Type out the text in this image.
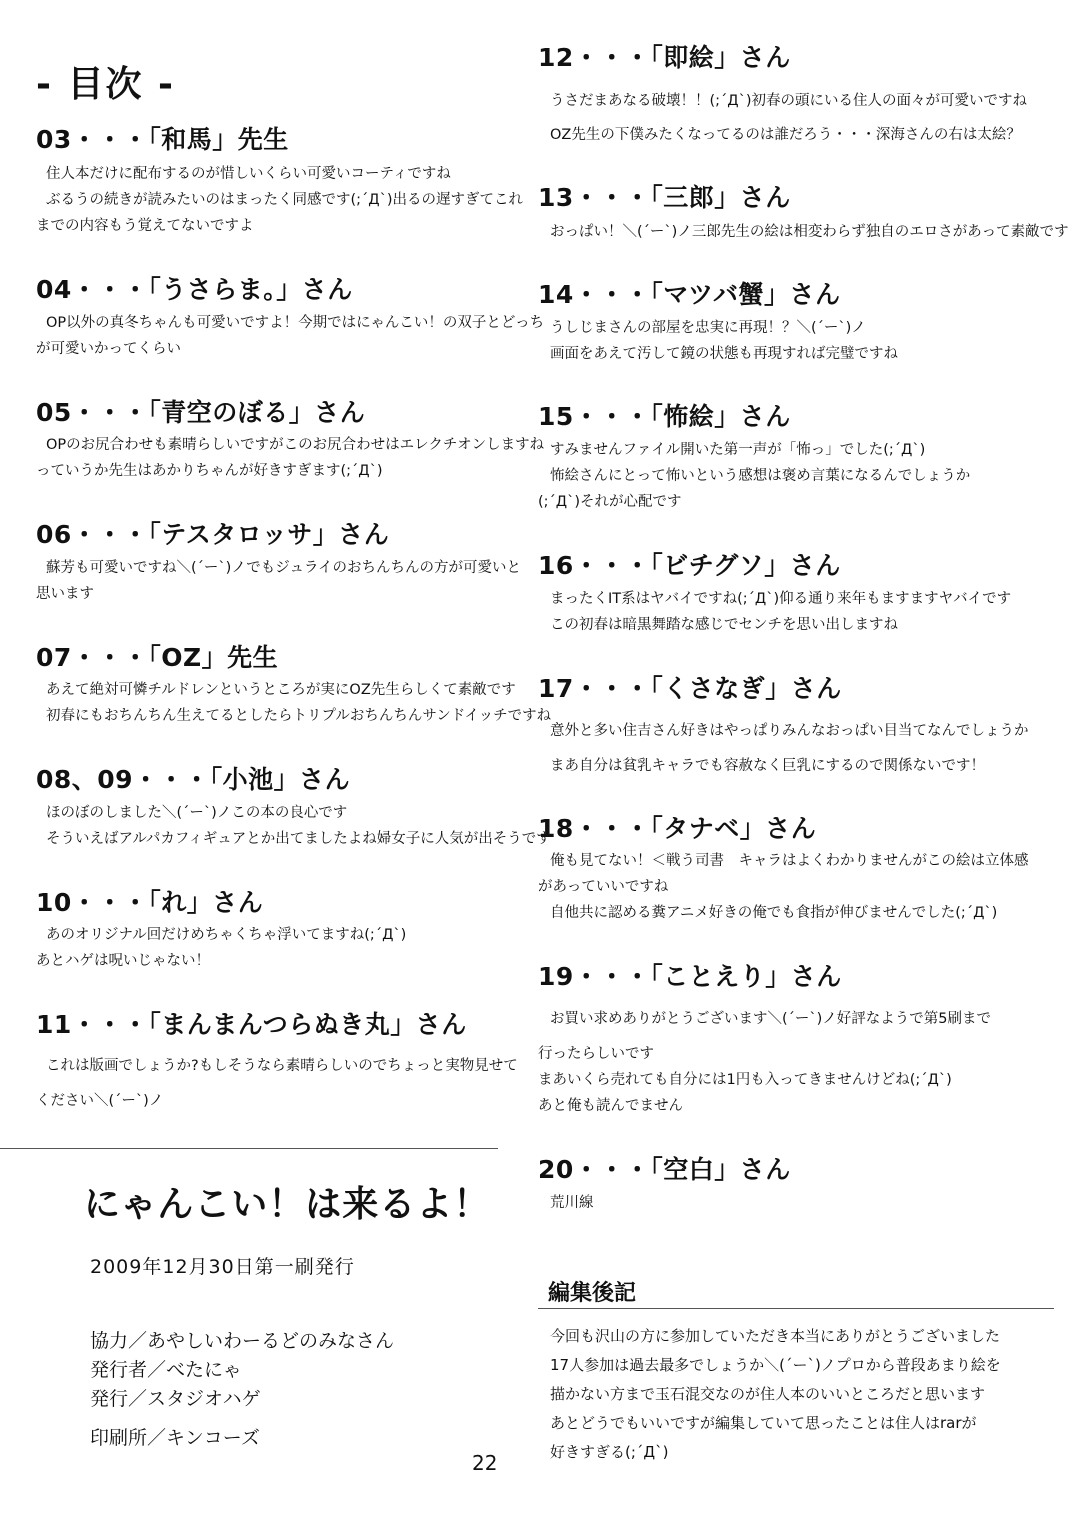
- 目次 -
03・・・「和馬」先生
住人本だけに配布するのが惜しいくらい可愛いコーティですね
ぶるうの続きが読みたいのはまったく同感です(;´Д`)出るの遅すぎてこれ
までの内容もう覚えてないですよ
04・・・「うさらま。」さん
OP以外の真冬ちゃんも可愛いですよ！今期ではにゃんこい！の双子とどっち
が可愛いかってくらい
05・・・「青空のぼる」さん
OPのお尻合わせも素晴らしいですがこのお尻合わせはエレクチオンしますね
っていうか先生はあかりちゃんが好きすぎます(;´Д`)
06・・・「テスタロッサ」さん
蘇芳も可愛いですね＼(´ー`)ノでもジュライのおちんちんの方が可愛いと
思います
07・・・「OZ」先生
あえて絶対可憐チルドレンというところが実にOZ先生らしくて素敵です
初春にもおちんちん生えてるとしたらトリプルおちんちんサンドイッチですね
08、09・・・「小池」さん
ほのぼのしました＼(´ー`)ノこの本の良心です
そういえばアルパカフィギュアとか出てましたよね婦女子に人気が出そうです
10・・・「れ」さん
あのオリジナル回だけめちゃくちゃ浮いてますね(;´Д`)
あとハゲは呪いじゃない！
11・・・「まんまんつらぬき丸」さん
これは版画でしょうか?もしそうなら素晴らしいのでちょっと実物見せて
ください＼(´ー`)ノ
にゃんこい！は来るよ！
2009年12月30日第一刷発行
協力／あやしいわーるどのみなさん
発行者／べたにゃ
発行／スタジオハゲ
印刷所／キンコーズ
22
12・・・「即絵」さん
うさだまあなる破壊！！(;´Д`)初春の頭にいる住人の面々が可愛いですね
OZ先生の下僕みたくなってるのは誰だろう・・・深海さんの右は太絵？
13・・・「三郎」さん
おっぱい！＼(´ー`)ノ三郎先生の絵は相変わらず独自のエロさがあって素敵です
14・・・「マツバ蟹」さん
うしじまさんの部屋を忠実に再現！？＼(´ー`)ノ
画面をあえて汚して鏡の状態も再現すれば完璧ですね
15・・・「怖絵」さん
すみませんファイル開いた第一声が「怖っ」でした(;´Д`)
怖絵さんにとって怖いという感想は褒め言葉になるんでしょうか
(;´Д`)それが心配です
16・・・「ビチグソ」さん
まったくIT系はヤバイですね(;´Д`)仰る通り来年もますますヤバイです
この初春は暗黒舞踏な感じでセンチを思い出しますね
17・・・「くさなぎ」さん
意外と多い住吉さん好きはやっぱりみんなおっぱい目当てなんでしょうか
まあ自分は貧乳キャラでも容赦なく巨乳にするので関係ないです！
18・・・「タナベ」さん
俺も見てない！＜戦う司書　キャラはよくわかりませんがこの絵は立体感
があっていいですね
自他共に認める糞アニメ好きの俺でも食指が伸びませんでした(;´Д`)
19・・・「ことえり」さん
お買い求めありがとうございます＼(´ー`)ノ好評なようで第5刷まで
行ったらしいです
まあいくら売れても自分には1円も入ってきませんけどね(;´Д`)
あと俺も読んでません
20・・・「空白」さん
荒川線
編集後記
今回も沢山の方に参加していただき本当にありがとうございました
17人参加は過去最多でしょうか＼(´ー`)ノプロから普段あまり絵を
描かない方まで玉石混交なのが住人本のいいところだと思います
あとどうでもいいですが編集していて思ったことは住人はrarが
好きすぎる(;´Д`)
